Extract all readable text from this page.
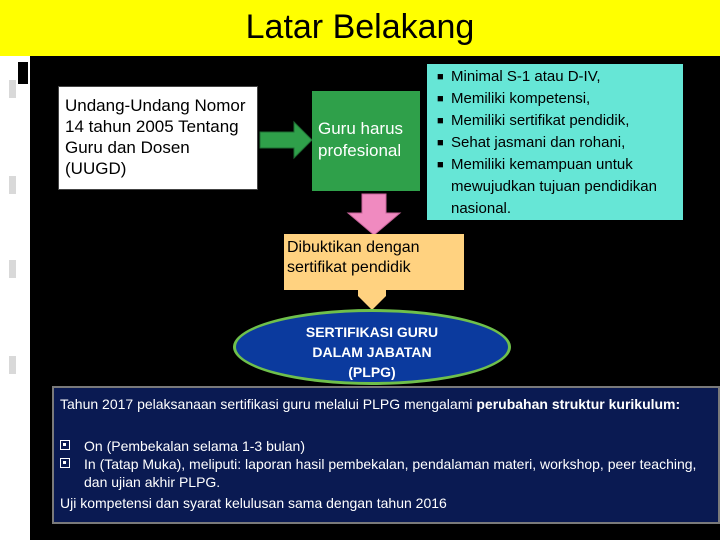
Latar Belakang
Undang-Undang Nomor 14 tahun 2005 Tentang Guru dan Dosen (UUGD)
Guru harus profesional
■ Minimal S-1 atau D-IV,
■ Memiliki kompetensi,
■ Memiliki sertifikat pendidik,
■ Sehat jasmani dan rohani,
■ Memiliki kemampuan untuk mewujudkan tujuan pendidikan nasional.
Dibuktikan dengan sertifikat pendidik
SERTIFIKASI GURU
DALAM JABATAN
(PLPG)
Tahun 2017 pelaksanaan sertifikasi guru melalui PLPG mengalami perubahan struktur kurikulum:
On (Pembekalan selama 1-3 bulan)
In (Tatap Muka), meliputi: laporan hasil pembekalan, pendalaman materi, workshop, peer teaching, dan ujian akhir PLPG.
Uji kompetensi dan syarat kelulusan sama dengan tahun 2016
